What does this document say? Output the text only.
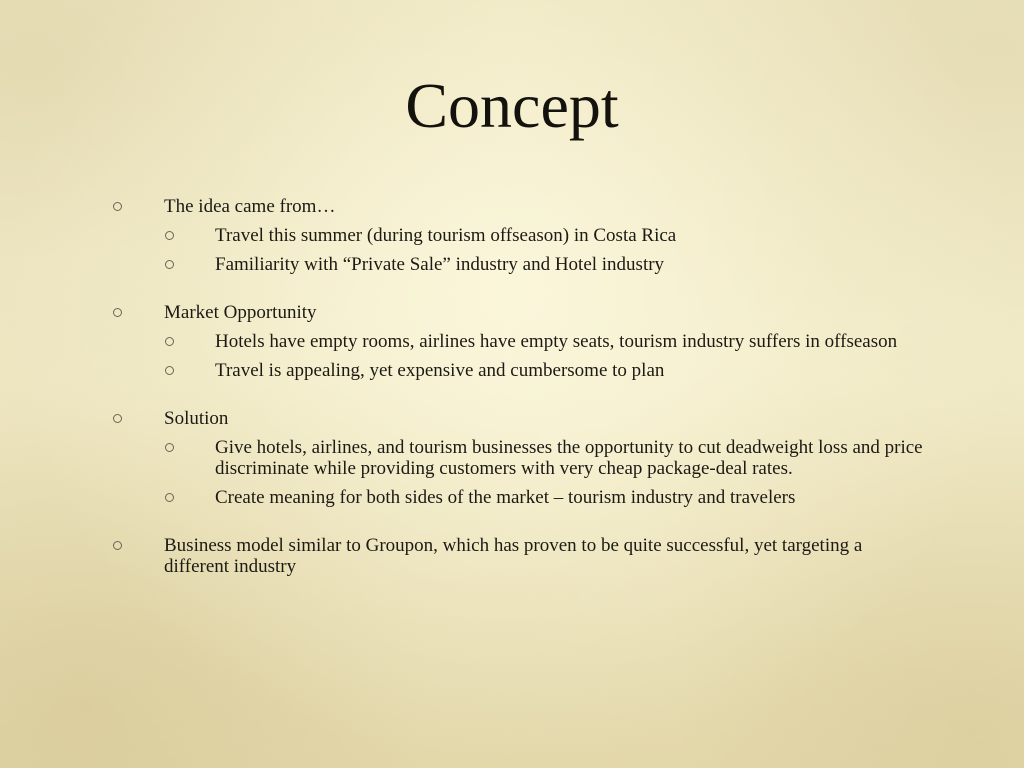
Concept
The idea came from…
Travel this summer (during tourism offseason) in Costa Rica
Familiarity with “Private Sale” industry and Hotel industry
Market Opportunity
Hotels have empty rooms, airlines have empty seats, tourism industry suffers in offseason
Travel is appealing, yet expensive and cumbersome to plan
Solution
Give hotels, airlines, and tourism businesses the opportunity to cut deadweight loss and price discriminate while providing customers with very cheap package-deal rates.
Create meaning for both sides of the market – tourism industry and travelers
Business model similar to Groupon, which has proven to be quite successful, yet targeting a different industry
